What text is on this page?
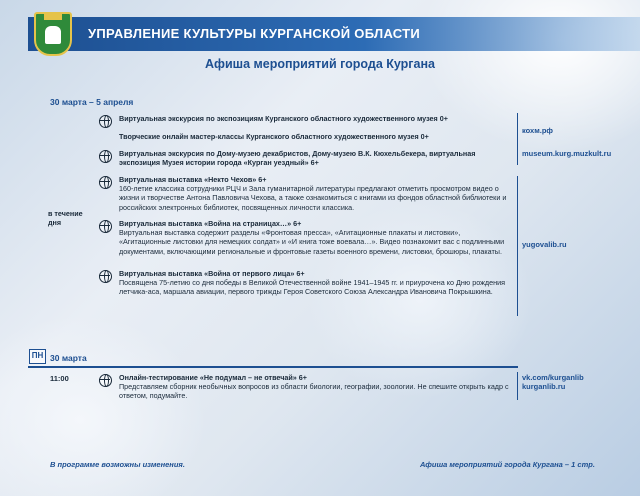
УПРАВЛЕНИЕ КУЛЬТУРЫ КУРГАНСКОЙ ОБЛАСТИ
Афиша мероприятий города Кургана
30 марта – 5 апреля
Виртуальная экскурсия по экспозициям Курганского областного художественного музея 0+
Творческие онлайн мастер-классы Курганского областного художественного музея 0+
кохм.рф
Виртуальная экскурсия по Дому-музею декабристов, Дому-музею В.К. Кюхельбекера, виртуальная экспозиция Музея истории города «Курган уездный» 6+
museum.kurg.muzkult.ru
в течение дня
Виртуальная выставка «Некто Чехов» 6+
160-летие классика сотрудники РЦЧ и Зала гуманитарной литературы предлагают отметить просмотром видео о жизни и творчестве Антона Павловича Чехова, а также ознакомиться с книгами из фондов областной библиотеки и российских электронных библиотек, посвященных личности классика.
Виртуальная выставка «Война на страницах…» 6+
Виртуальная выставка содержит разделы «Фронтовая пресса», «Агитационные плакаты и листовки», «Агитационные листовки для немецких солдат» и «И книга тоже воевала…». Видео познакомит вас с подлинными документами, включающими региональные и фронтовые газеты военного времени, листовки, брошюры, плакаты.
yugovalib.ru
Виртуальная выставка «Война от первого лица» 6+
Посвящена 75-летию со дня победы в Великой Отечественной войне 1941–1945 гг. и приурочена ко Дню рождения летчика-аса, маршала авиации, первого трижды Героя Советского Союза Александра Ивановича Покрышкина.
ПН 30 марта
11:00	Онлайн-тестирование «Не подумал – не отвечай» 6+
Представляем сборник необычных вопросов из области биологии, географии, зоологии. Не спешите открыть кадр с ответом, подумайте.
vk.com/kurganlib
kurganlib.ru
В программе возможны изменения.	Афиша мероприятий города Кургана – 1 стр.
